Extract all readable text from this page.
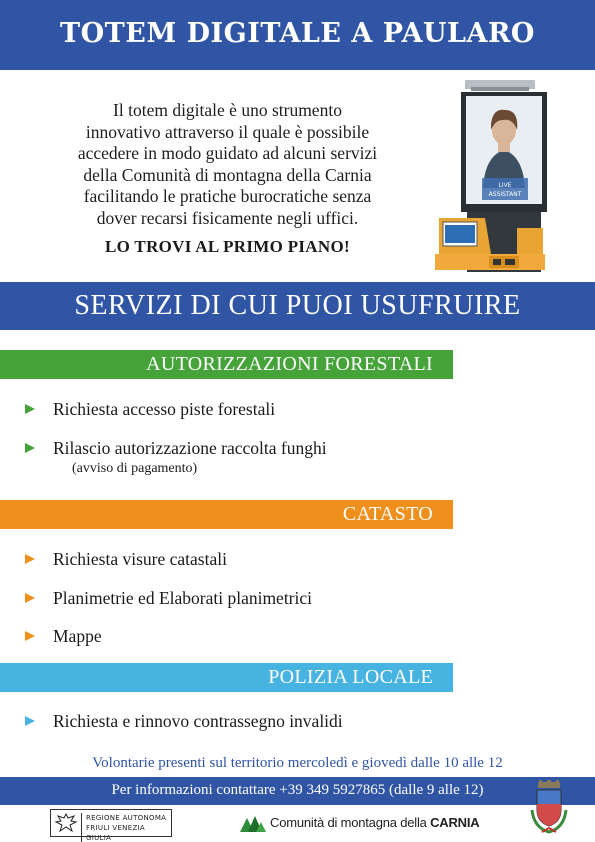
TOTEM DIGITALE A PAULARO
Il totem digitale è uno strumento
innovativo attraverso il quale è possibile
accedere in modo guidato ad alcuni servizi
della Comunità di montagna della Carnia
facilitando le pratiche burocratiche senza
dover recarsi fisicamente negli uffici.
LO TROVI AL PRIMO PIANO!
LIVE
ASSISTANT
SERVIZI DI CUI PUOI USUFRUIRE
AUTORIZZAZIONI FORESTALI
Richiesta accesso piste forestali
Rilascio autorizzazione raccolta funghi
(avviso di pagamento)
CATASTO
Richiesta visure catastali
Planimetrie ed Elaborati planimetrici
Mappe
POLIZIA LOCALE
Richiesta e rinnovo contrassegno invalidi
Volontarie presenti sul territorio mercoledì e giovedì dalle 10 alle 12
Per informazioni contattare +39 349 5927865 (dalle 9 alle 12)
REGIONE AUTONOMA
FRIULI VENEZIA GIULIA
Comunità di montagna della CARNIA
